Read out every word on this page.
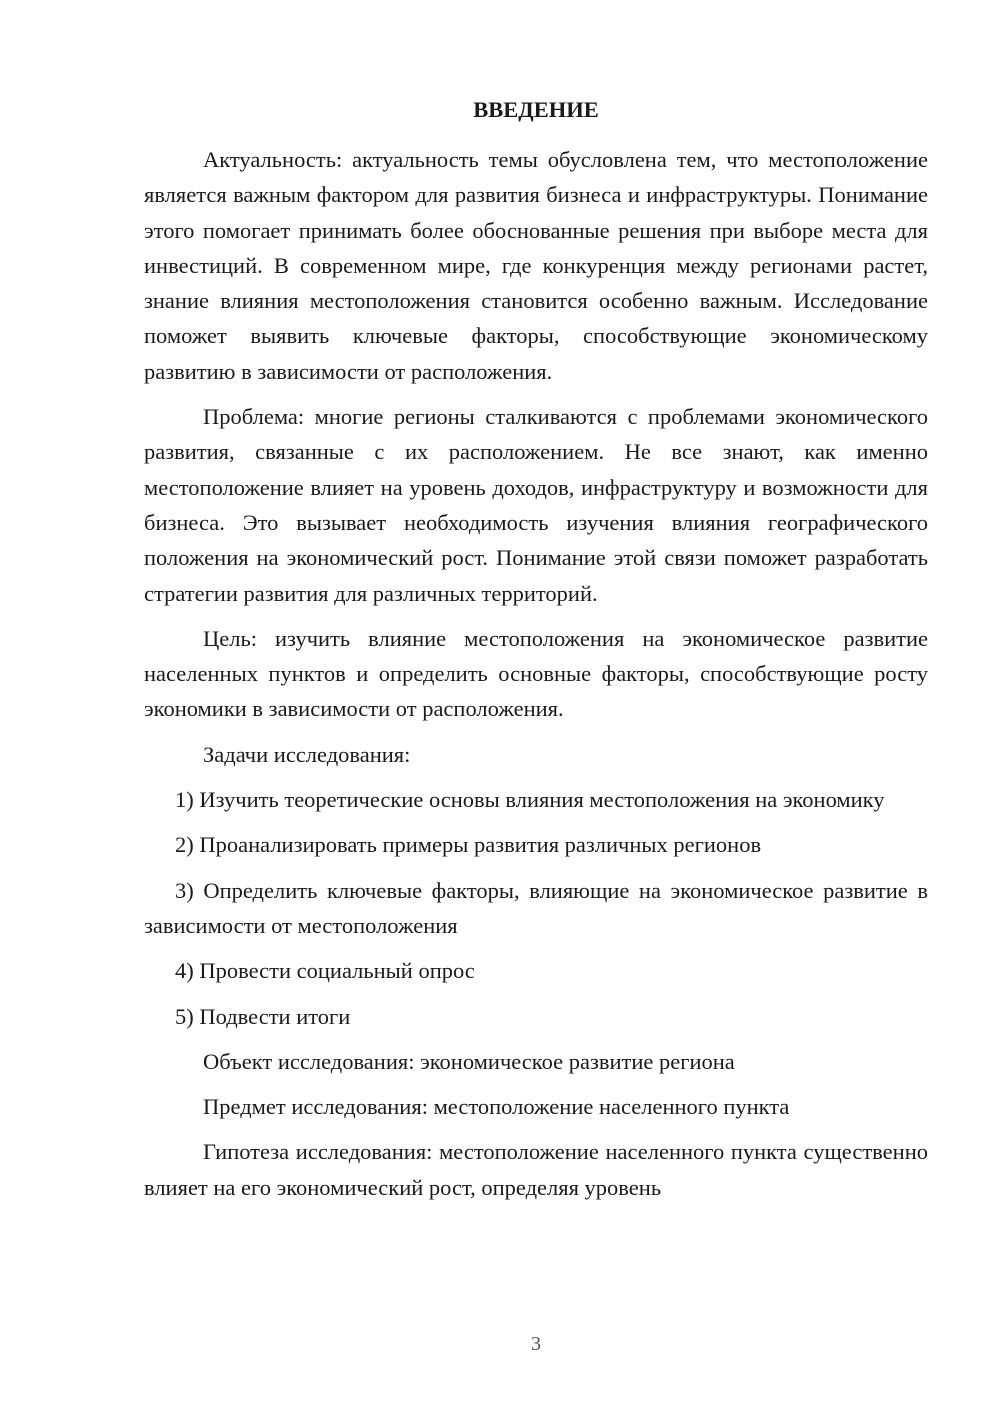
ВВЕДЕНИЕ

Актуальность: актуальность темы обусловлена тем, что местоположение является важным фактором для развития бизнеса и инфраструктуры. Понимание этого помогает принимать более обоснованные решения при выборе места для инвестиций. В современном мире, где конкуренция между регионами растет, знание влияния местоположения становится особенно важным. Исследование поможет выявить ключевые факторы, способствующие экономическому развитию в зависимости от расположения.

Проблема: многие регионы сталкиваются с проблемами экономического развития, связанные с их расположением. Не все знают, как именно местоположение влияет на уровень доходов, инфраструктуру и возможности для бизнеса. Это вызывает необходимость изучения влияния географического положения на экономический рост. Понимание этой связи поможет разработать стратегии развития для различных территорий.

Цель: изучить влияние местоположения на экономическое развитие населенных пунктов и определить основные факторы, способствующие росту экономики в зависимости от расположения.

Задачи исследования:

1) Изучить теоретические основы влияния местоположения на экономику

2) Проанализировать примеры развития различных регионов

3) Определить ключевые факторы, влияющие на экономическое развитие в зависимости от местоположения

4) Провести социальный опрос

5) Подвести итоги

Объект исследования: экономическое развитие региона

Предмет исследования: местоположение населенного пункта

Гипотеза исследования: местоположение населенного пункта существенно влияет на его экономический рост, определяя уровень

3
